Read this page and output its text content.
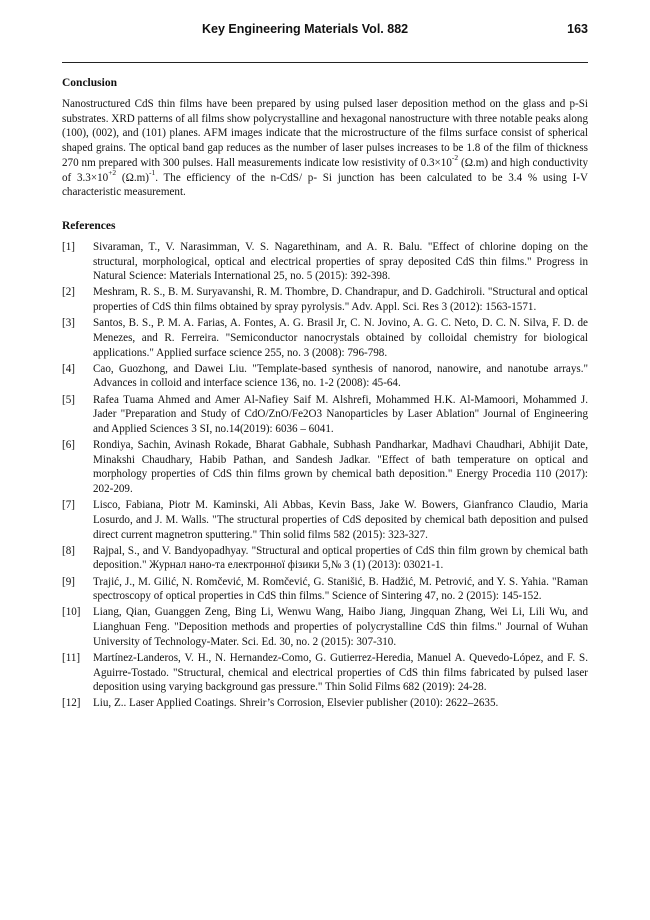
Key Engineering Materials Vol. 882	163
Conclusion

Nanostructured CdS thin films have been prepared by using pulsed laser deposition method on the glass and p-Si substrates. XRD patterns of all films show polycrystalline and hexagonal nanostructure with three notable peaks along (100), (002), and (101) planes. AFM images indicate that the microstructure of the films surface consist of spherical shaped grains. The optical band gap reduces as the number of laser pulses increases to be 1.8 of the film of thickness 270 nm prepared with 300 pulses. Hall measurements indicate low resistivity of $0.3\times 10^{-2}$ (Ω.m) and high conductivity of $3.3\times 10^{+2}$ $(\Omega.m)^{-1}$. The efficiency of the n-CdS/ p- Si junction has been calculated to be 3.4 % using I-V characteristic measurement.

References
[1] Sivaraman, T., V. Narasimman, V. S. Nagarethinam, and A. R. Balu. "Effect of chlorine doping on the structural, morphological, optical and electrical properties of spray deposited CdS thin films." Progress in Natural Science: Materials International 25, no. 5 (2015): 392-398.
[2] Meshram, R. S., B. M. Suryavanshi, R. M. Thombre, D. Chandrapur, and D. Gadchiroli. "Structural and optical properties of CdS thin films obtained by spray pyrolysis." Adv. Appl. Sci. Res 3 (2012): 1563-1571.
[3] Santos, B. S., P. M. A. Farias, A. Fontes, A. G. Brasil Jr, C. N. Jovino, A. G. C. Neto, D. C. N. Silva, F. D. de Menezes, and R. Ferreira. "Semiconductor nanocrystals obtained by colloidal chemistry for biological applications." Applied surface science 255, no. 3 (2008): 796-798.
[4] Cao, Guozhong, and Dawei Liu. "Template-based synthesis of nanorod, nanowire, and nanotube arrays." Advances in colloid and interface science 136, no. 1-2 (2008): 45-64.
[5] Rafea Tuama Ahmed and Amer Al-Nafiey Saif M. Alshrefi, Mohammed H.K. Al-Mamoori, Mohammed J. Jader "Preparation and Study of CdO/ZnO/Fe2O3 Nanoparticles by Laser Ablation" Journal of Engineering and Applied Sciences 3 SI, no.14(2019): 6036 – 6041.
[6] Rondiya, Sachin, Avinash Rokade, Bharat Gabhale, Subhash Pandharkar, Madhavi Chaudhari, Abhijit Date, Minakshi Chaudhary, Habib Pathan, and Sandesh Jadkar. "Effect of bath temperature on optical and morphology properties of CdS thin films grown by chemical bath deposition." Energy Procedia 110 (2017): 202-209.
[7] Lisco, Fabiana, Piotr M. Kaminski, Ali Abbas, Kevin Bass, Jake W. Bowers, Gianfranco Claudio, Maria Losurdo, and J. M. Walls. "The structural properties of CdS deposited by chemical bath deposition and pulsed direct current magnetron sputtering." Thin solid films 582 (2015): 323-327.
[8] Rajpal, S., and V. Bandyopadhyay. "Structural and optical properties of CdS thin film grown by chemical bath deposition." Журнал нано-та електронної фізики 5,№ 3 (1) (2013): 03021-1.
[9] Trajić, J., M. Gilić, N. Romčević, M. Romčević, G. Stanišić, B. Hadžić, M. Petrović, and Y. S. Yahia. "Raman spectroscopy of optical properties in CdS thin films." Science of Sintering 47, no. 2 (2015): 145-152.
[10] Liang, Qian, Guanggen Zeng, Bing Li, Wenwu Wang, Haibo Jiang, Jingquan Zhang, Wei Li, Lili Wu, and Lianghuan Feng. "Deposition methods and properties of polycrystalline CdS thin films." Journal of Wuhan University of Technology-Mater. Sci. Ed. 30, no. 2 (2015): 307-310.
[11] Martínez-Landeros, V. H., N. Hernandez-Como, G. Gutierrez-Heredia, Manuel A. Quevedo-López, and F. S. Aguirre-Tostado. "Structural, chemical and electrical properties of CdS thin films fabricated by pulsed laser deposition using varying background gas pressure." Thin Solid Films 682 (2019): 24-28.
[12] Liu, Z.. Laser Applied Coatings. Shreir’s Corrosion, Elsevier publisher (2010): 2622–2635.
